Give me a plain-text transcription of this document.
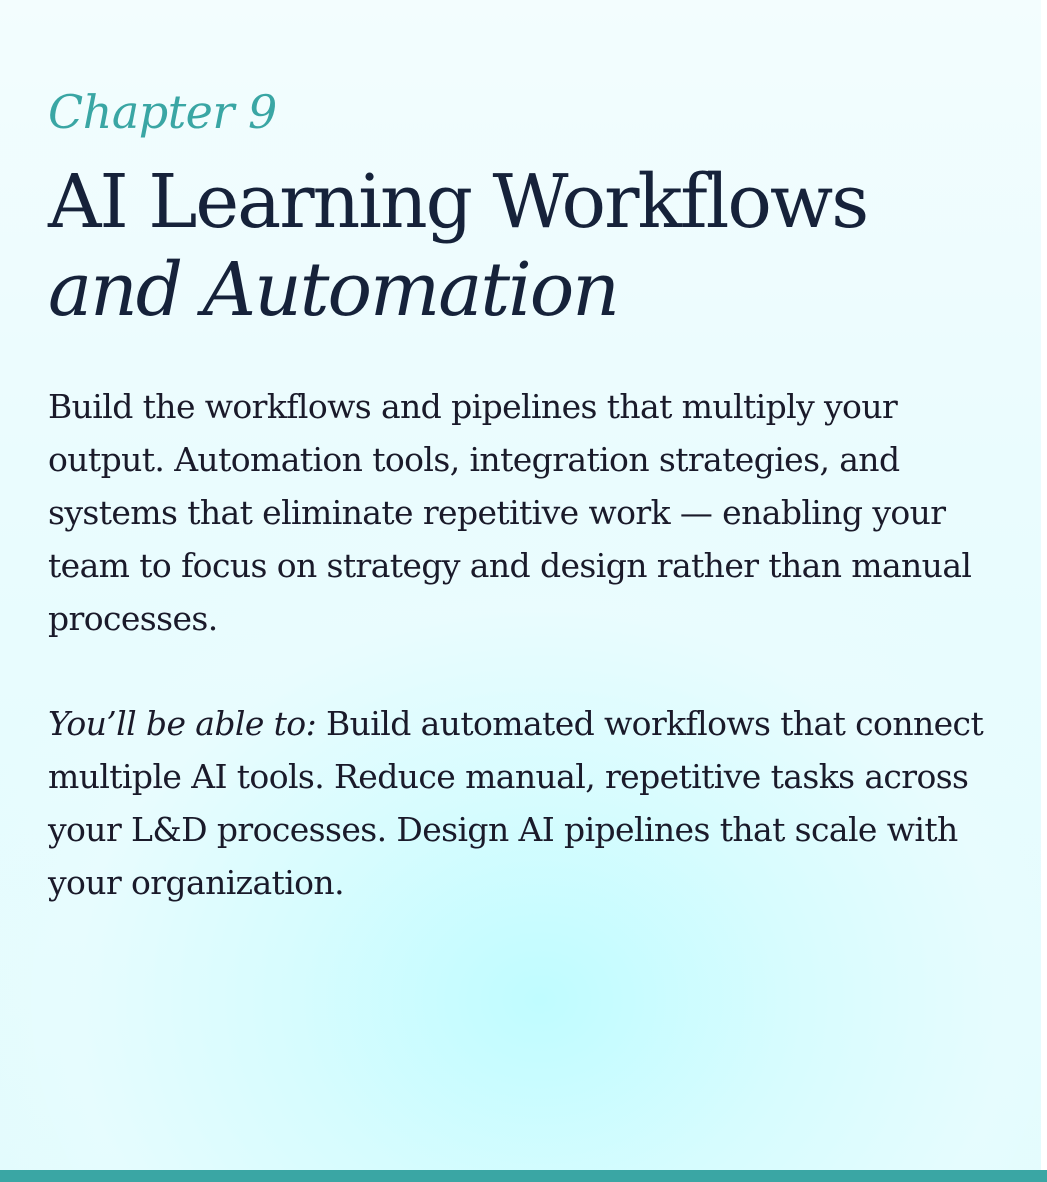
Chapter 9

AI Learning Workflows
and Automation

Build the workflows and pipelines that multiply your output. Automation tools, integration strategies, and systems that eliminate repetitive work — enabling your team to focus on strategy and design rather than manual processes.

You’ll be able to: Build automated workflows that connect multiple AI tools. Reduce manual, repetitive tasks across your L&D processes. Design AI pipelines that scale with your organization.
